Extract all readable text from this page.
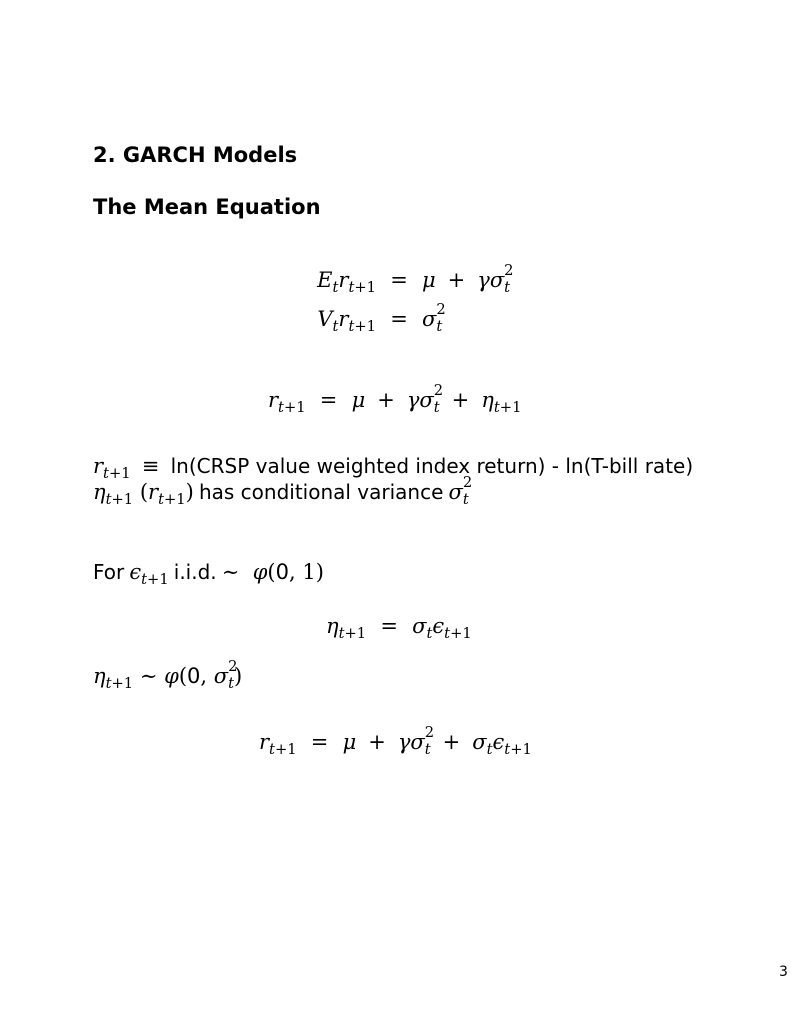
2. GARCH Models
The Mean Equation
$E_tr_{t+1} = \mu + \gamma\sigma$ 2
t
$V_tr_{t+1} = \sigma$ 2
t
$r_{t+1} = \mu + \gamma\sigma$ 2
$t + \eta_{t+1}$
$r_{t+1}$ ≡ ln(CRSP value weighted index return) - ln(T-bill rate)
$\eta_{t+1}$ $(r_{t+1})$ has conditional variance σ 2
t
For $\epsilon_{t+1}$ i.i.d. ∼  φ(0, 1)
$\eta_{t+1} = \sigma_t\epsilon_{t+1}$
$\eta_{t+1}$ ∼ φ(0, σ 2
t)
$r_{t+1} = \mu + \gamma\sigma$ 2
$t + \sigma_t\epsilon_{t+1}$
3
